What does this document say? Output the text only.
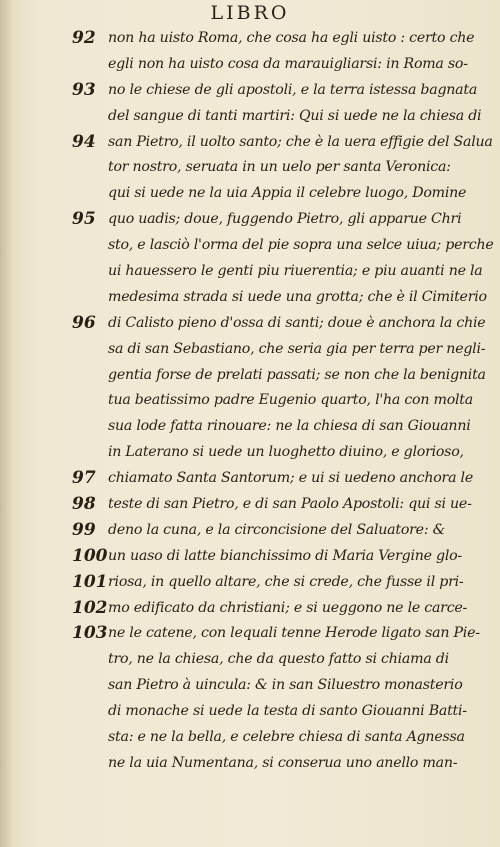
LIBRO
92 non ha uisto Roma, che cosa ha egli uisto : certo che
egli non ha uisto cosa da marauigliarsi: in Roma so-
93 no le chiese de gli apostoli, e la terra istessa bagnata
del sangue di tanti martiri: Qui si uede ne la chiesa di
94 san Pietro, il uolto santo; che è la uera effigie del Salua
tor nostro, seruata in un uelo per santa Veronica:
qui si uede ne la uia Appia il celebre luogo, Domine
95 quo uadis; doue, fuggendo Pietro, gli apparue Chri
sto, e lasciò l'orma del pie sopra una selce uiua; perche
ui hauessero le genti piu riuerentia; e piu auanti ne la
medesima strada si uede una grotta; che è il Cimiterio
96 di Calisto pieno d'ossa di santi; doue è anchora la chie
sa di san Sebastiano, che seria gia per terra per negli-
gentia forse de prelati passati; se non che la benignita
tua beatissimo padre Eugenio quarto, l'ha con molta
sua lode fatta rinouare: ne la chiesa di san Giouanni
in Laterano si uede un luoghetto diuino, e glorioso,
97 chiamato Santa Santorum; e ui si uedeno anchora le
98 teste di san Pietro, e di san Paolo Apostoli: qui si ue-
99 deno la cuna, e la circoncisione del Saluatore: &
100 un uaso di latte bianchissimo di Maria Vergine glo-
101 riosa, in quello altare, che si crede, che fusse il pri-
102 mo edificato da christiani; e si ueggono ne le carce-
103 ne le catene, con lequali tenne Herode ligato san Pie-
tro, ne la chiesa, che da questo fatto si chiama di
san Pietro à uincula: & in san Siluestro monasterio
di monache si uede la testa di santo Giouanni Batti-
sta: e ne la bella, e celebre chiesa di santa Agnessa
ne la uia Numentana, si conserua uno anello man-
